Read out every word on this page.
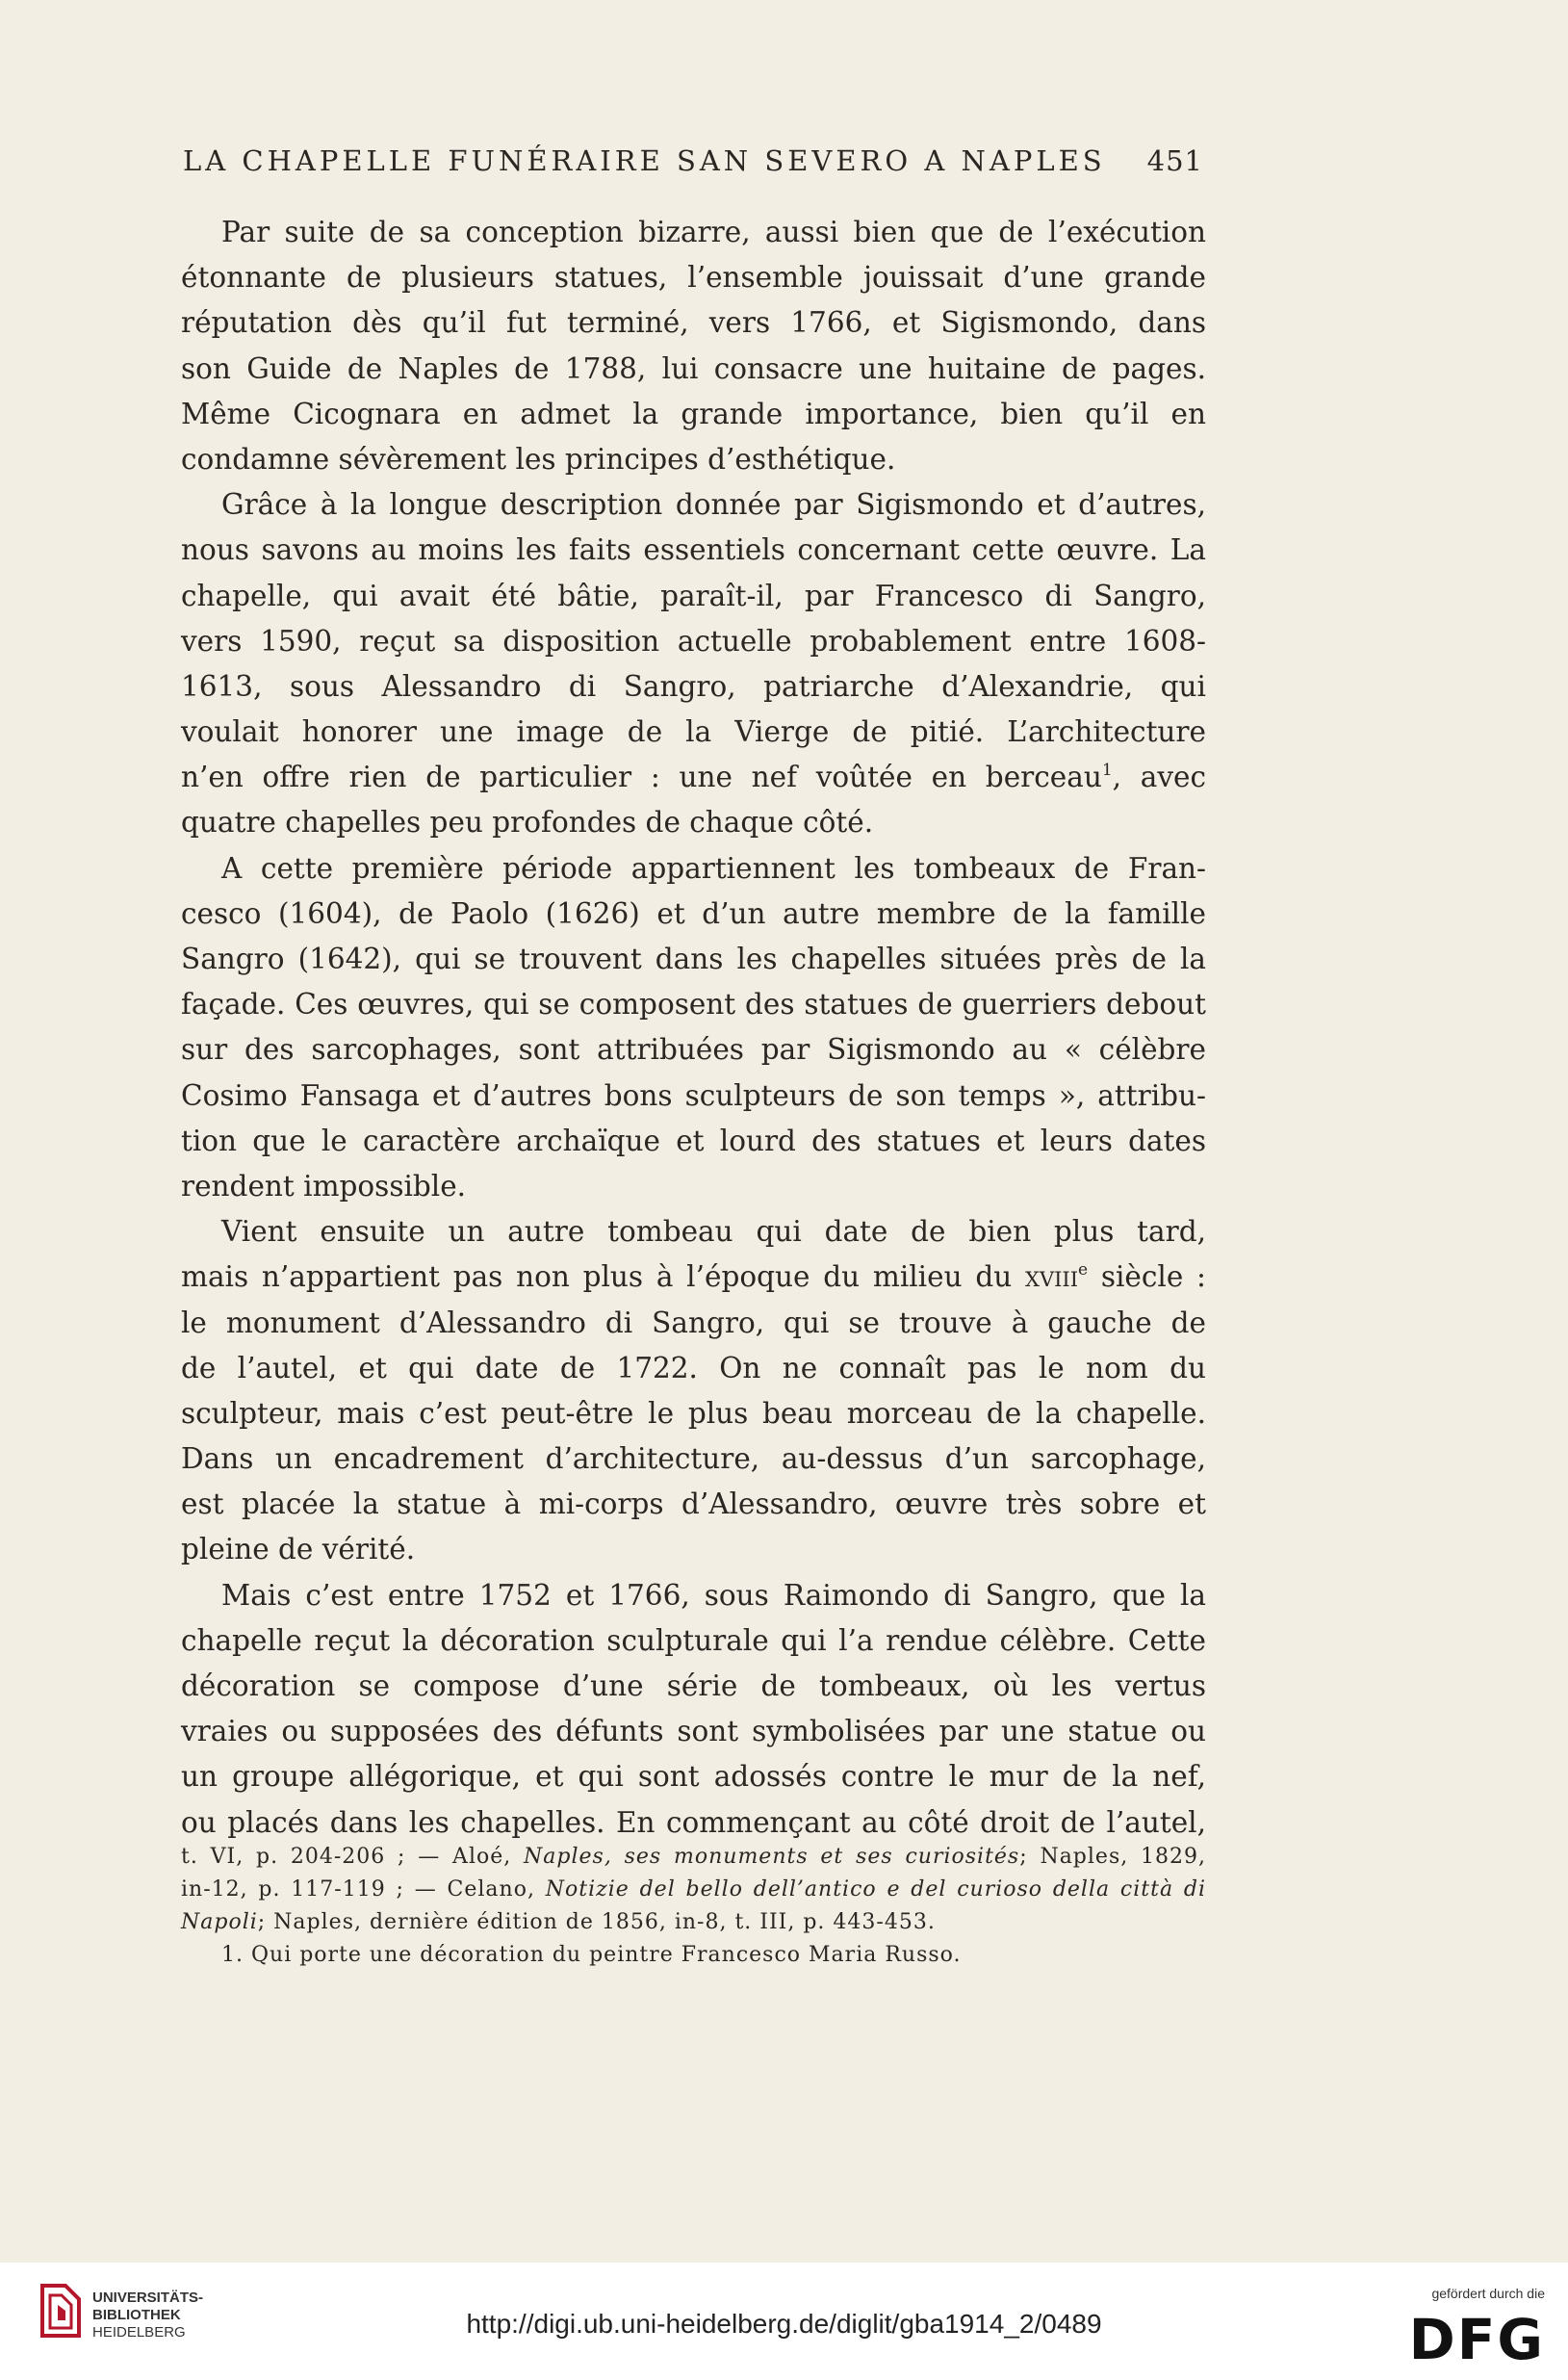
LA CHAPELLE FUNÉRAIRE SAN SEVERO A NAPLES 451
Par suite de sa conception bizarre, aussi bien que de l’exécution
étonnante de plusieurs statues, l’ensemble jouissait d’une grande
réputation dès qu’il fut terminé, vers 1766, et Sigismondo, dans
son Guide de Naples de 1788, lui consacre une huitaine de pages.
Même Cicognara en admet la grande importance, bien qu’il en
condamne sévèrement les principes d’esthétique.
Grâce à la longue description donnée par Sigismondo et d’autres,
nous savons au moins les faits essentiels concernant cette œuvre. La
chapelle, qui avait été bâtie, paraît-il, par Francesco di Sangro,
vers 1590, reçut sa disposition actuelle probablement entre 1608-
1613, sous Alessandro di Sangro, patriarche d’Alexandrie, qui
voulait honorer une image de la Vierge de pitié. L’architecture
n’en offre rien de particulier : une nef voûtée en berceau$^1$, avec
quatre chapelles peu profondes de chaque côté.
A cette première période appartiennent les tombeaux de Fran-
cesco (1604), de Paolo (1626) et d’un autre membre de la famille
Sangro (1642), qui se trouvent dans les chapelles situées près de la
façade. Ces œuvres, qui se composent des statues de guerriers debout
sur des sarcophages, sont attribuées par Sigismondo au « célèbre
Cosimo Fansaga et d’autres bons sculpteurs de son temps », attribu-
tion que le caractère archaïque et lourd des statues et leurs dates
rendent impossible.
Vient ensuite un autre tombeau qui date de bien plus tard,
mais n’appartient pas non plus à l’époque du milieu du xviii$^e$ siècle :
le monument d’Alessandro di Sangro, qui se trouve à gauche de
de l’autel, et qui date de 1722. On ne connaît pas le nom du
sculpteur, mais c’est peut-être le plus beau morceau de la chapelle.
Dans un encadrement d’architecture, au-dessus d’un sarcophage,
est placée la statue à mi-corps d’Alessandro, œuvre très sobre et
pleine de vérité.
Mais c’est entre 1752 et 1766, sous Raimondo di Sangro, que la
chapelle reçut la décoration sculpturale qui l’a rendue célèbre. Cette
décoration se compose d’une série de tombeaux, où les vertus
vraies ou supposées des défunts sont symbolisées par une statue ou
un groupe allégorique, et qui sont adossés contre le mur de la nef,
ou placés dans les chapelles. En commençant au côté droit de l’autel,
t. VI, p. 204-206 ; — Aloé, Naples, ses monuments et ses curiosités; Naples, 1829,
in-12, p. 117-119 ; — Celano, Notizie del bello dell’antico e del curioso della città di
Napoli; Naples, dernière édition de 1856, in-8, t. III, p. 443-453.
1. Qui porte une décoration du peintre Francesco Maria Russo.
UNIVERSITÄTS-
BIBLIOTHEK
HEIDELBERG	http://digi.ub.uni-heidelberg.de/diglit/gba1914_2/0489
gefördert durch die
DFG
